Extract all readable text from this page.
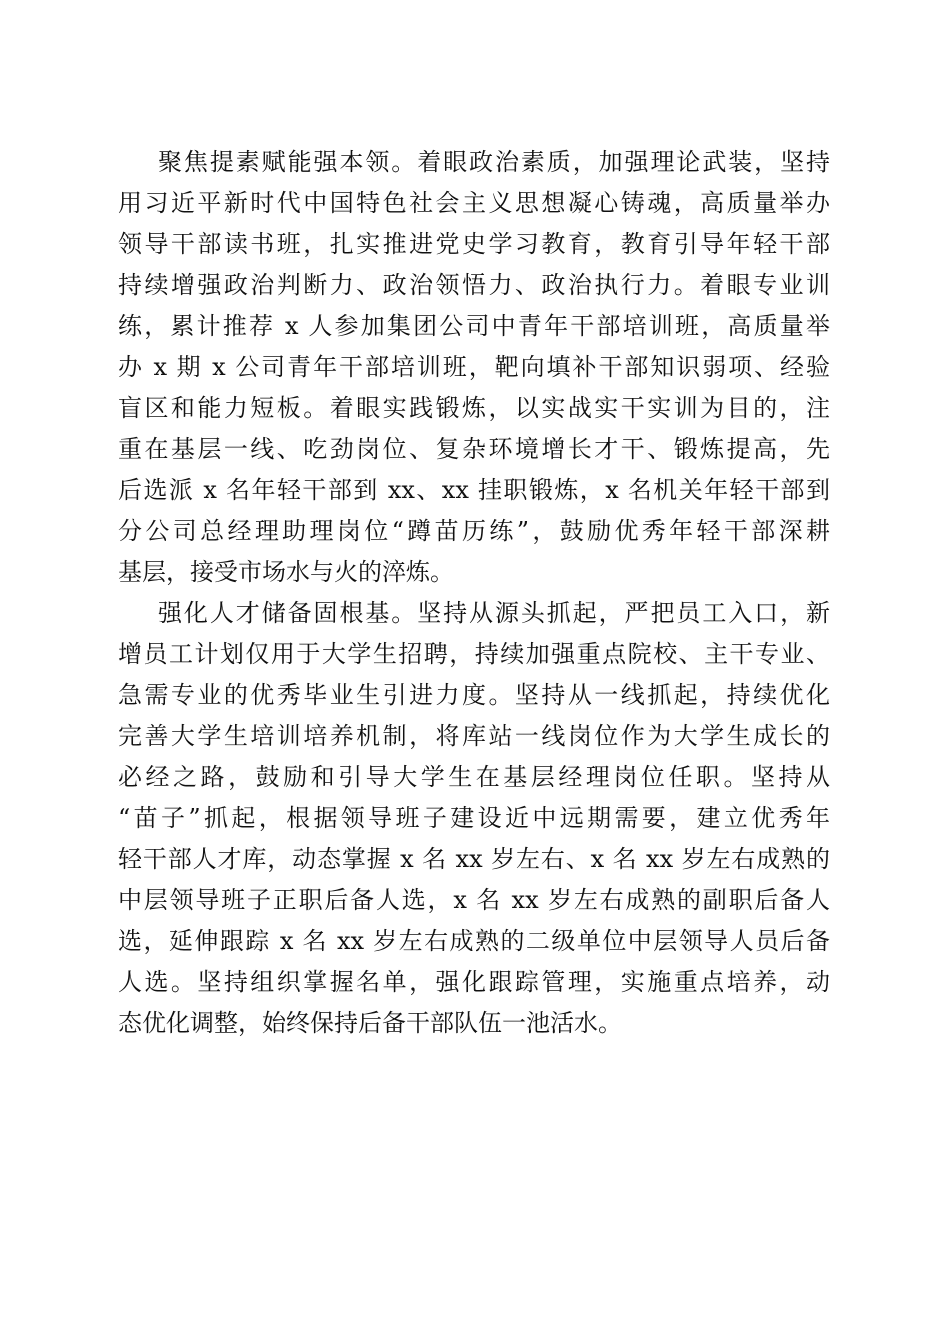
聚焦提素赋能强本领。着眼政治素质，加强理论武装，坚持
用习近平新时代中国特色社会主义思想凝心铸魂，高质量举办
领导干部读书班，扎实推进党史学习教育，教育引导年轻干部
持续增强政治判断力、政治领悟力、政治执行力。着眼专业训
练，累计推荐 x 人参加集团公司中青年干部培训班，高质量举
办 x 期 x 公司青年干部培训班，靶向填补干部知识弱项、经验
盲区和能力短板。着眼实践锻炼，以实战实干实训为目的，注
重在基层一线、吃劲岗位、复杂环境增长才干、锻炼提高，先
后选派 x 名年轻干部到 xx、xx 挂职锻炼，x 名机关年轻干部到
分公司总经理助理岗位“蹲苗历练”，鼓励优秀年轻干部深耕
基层，接受市场水与火的淬炼。

强化人才储备固根基。坚持从源头抓起，严把员工入口，新
增员工计划仅用于大学生招聘，持续加强重点院校、主干专业、
急需专业的优秀毕业生引进力度。坚持从一线抓起，持续优化
完善大学生培训培养机制，将库站一线岗位作为大学生成长的
必经之路，鼓励和引导大学生在基层经理岗位任职。坚持从
“苗子”抓起，根据领导班子建设近中远期需要，建立优秀年
轻干部人才库，动态掌握 x 名 xx 岁左右、x 名 xx 岁左右成熟的
中层领导班子正职后备人选，x 名 xx 岁左右成熟的副职后备人
选，延伸跟踪 x 名 xx 岁左右成熟的二级单位中层领导人员后备
人选。坚持组织掌握名单，强化跟踪管理，实施重点培养，动
态优化调整，始终保持后备干部队伍一池活水。
